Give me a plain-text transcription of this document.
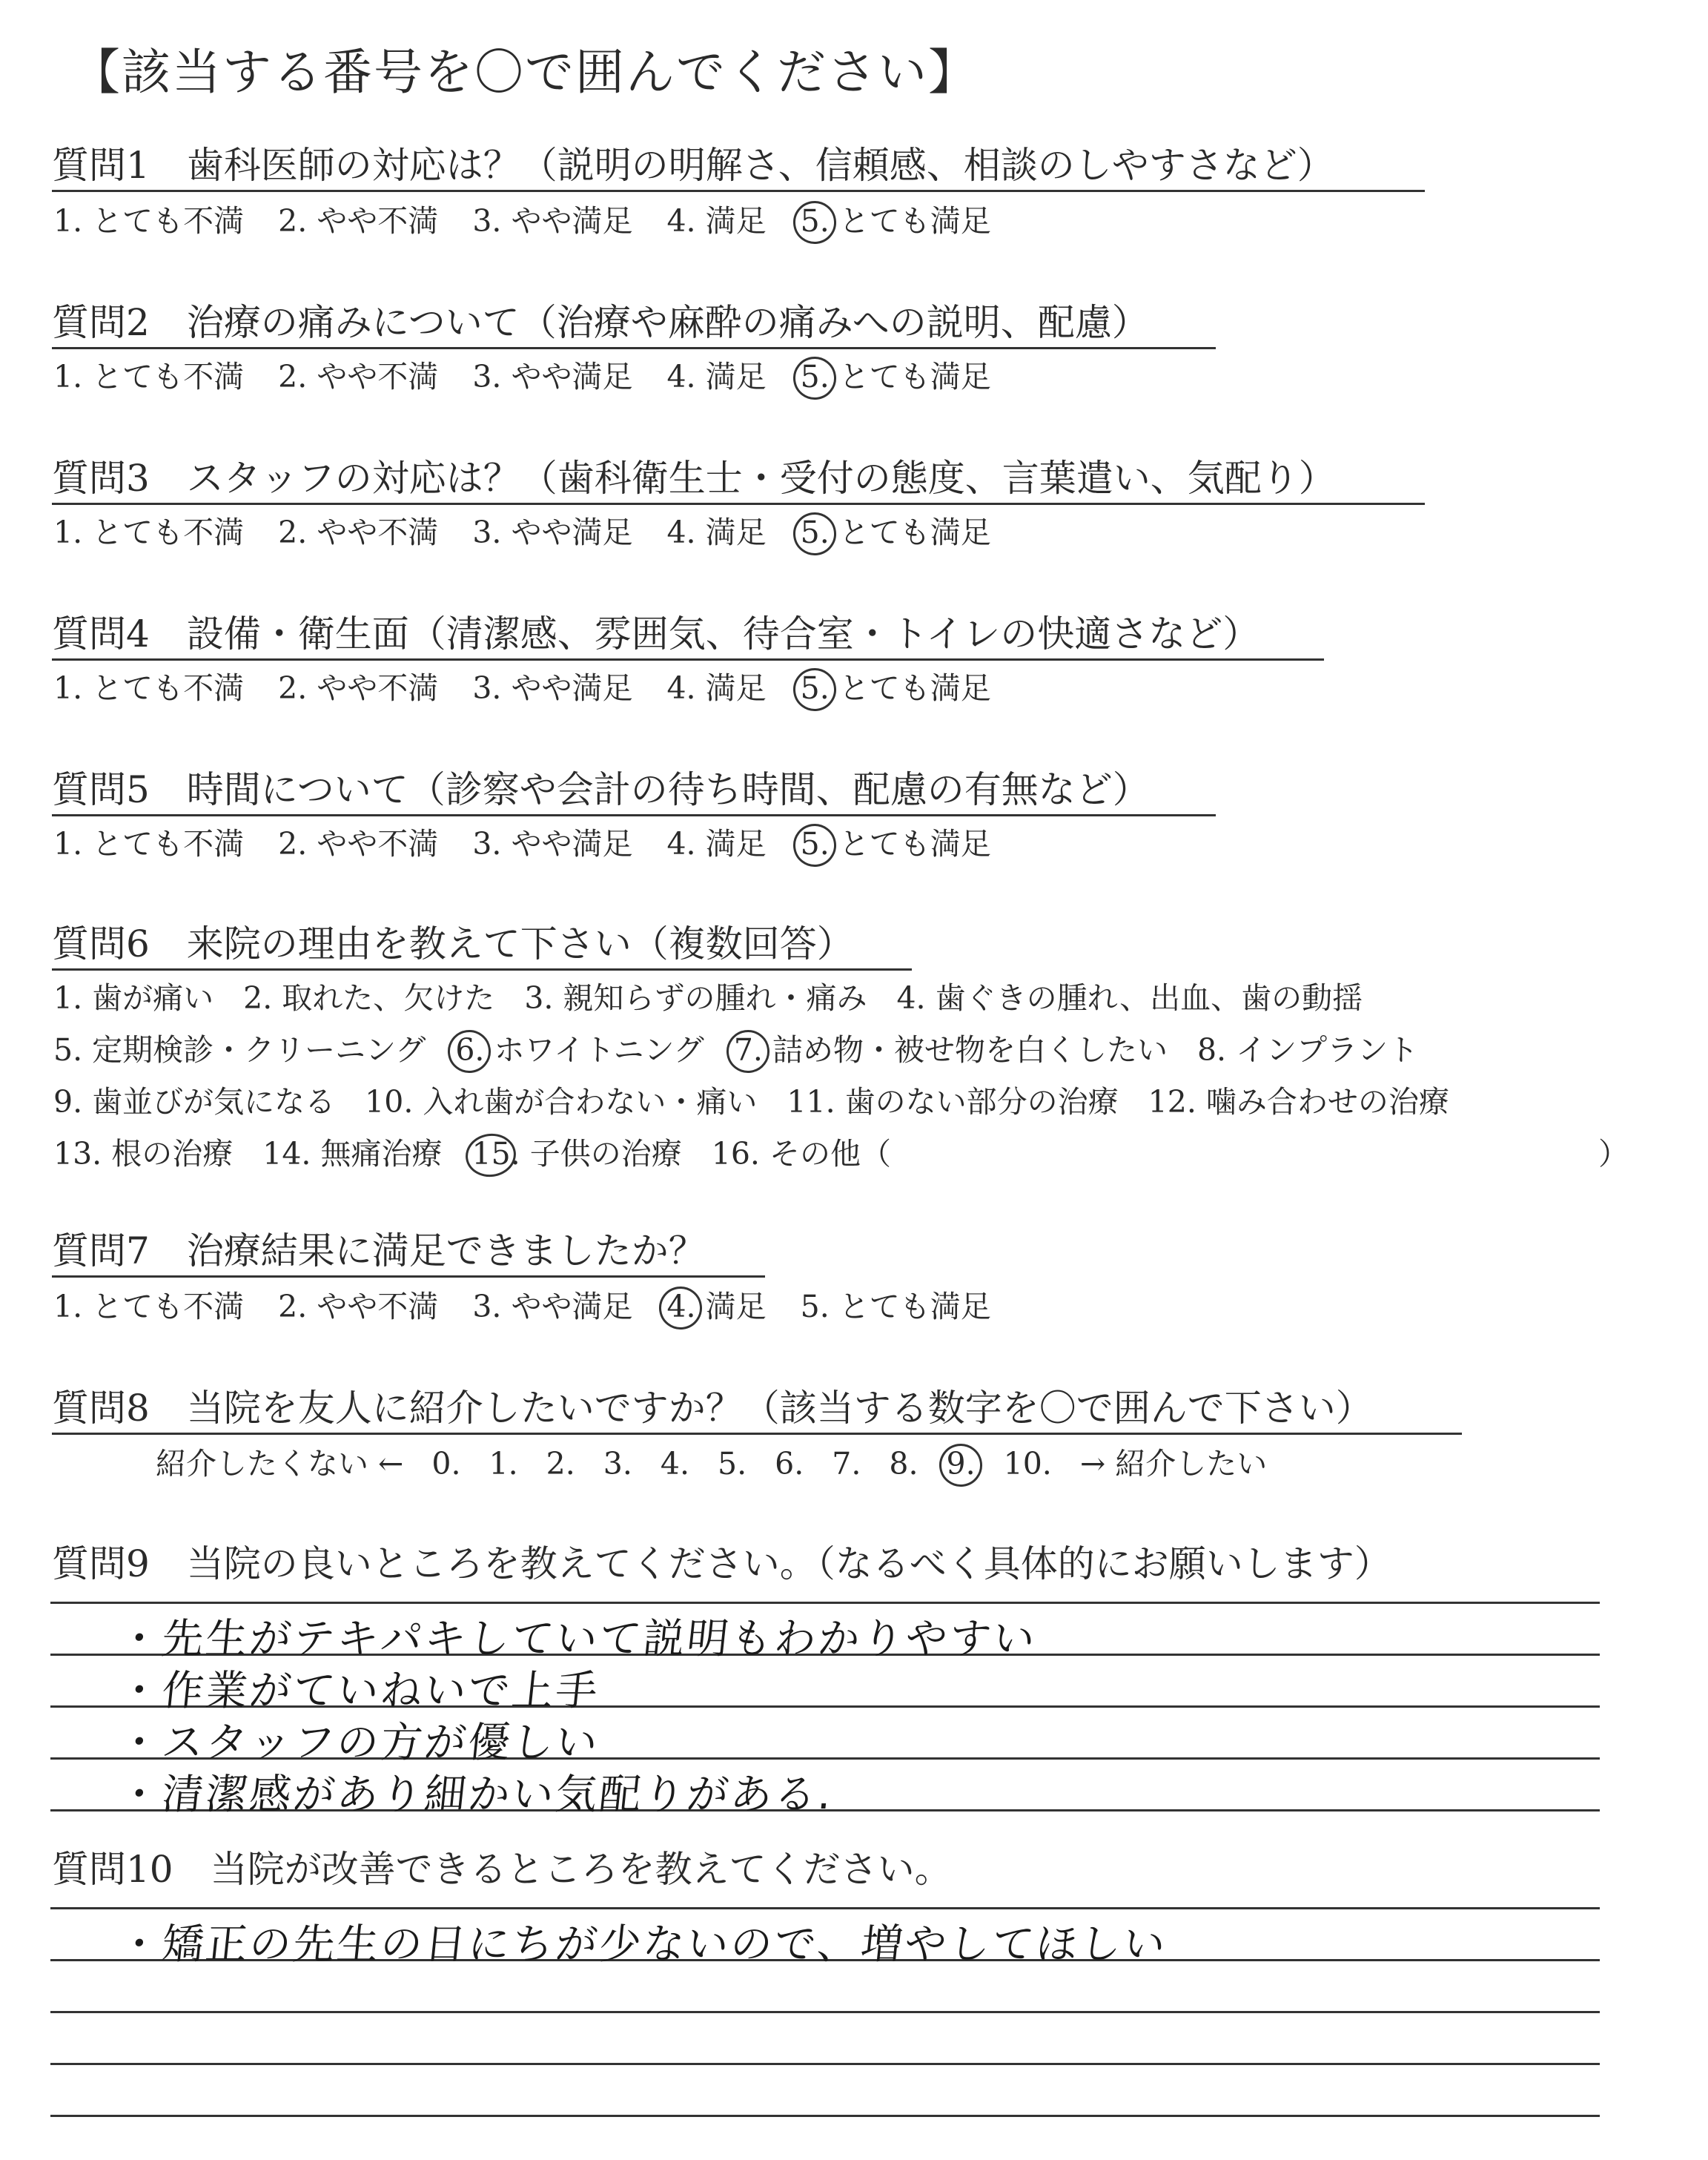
【該当する番号を〇で囲んでください】
質問1　歯科医師の対応は？（説明の明解さ、信頼感、相談のしやすさなど）
1. とても不満 2. やや不満 3. やや満足 4. 満足 5. とても満足
質問2　治療の痛みについて（治療や麻酔の痛みへの説明、配慮）
1. とても不満 2. やや不満 3. やや満足 4. 満足 5. とても満足
質問3　スタッフの対応は？（歯科衛生士・受付の態度、言葉遣い、気配り）
1. とても不満 2. やや不満 3. やや満足 4. 満足 5. とても満足
質問4　設備・衛生面（清潔感、雰囲気、待合室・トイレの快適さなど）
1. とても不満 2. やや不満 3. やや満足 4. 満足 5. とても満足
質問5　時間について（診察や会計の待ち時間、配慮の有無など）
1. とても不満 2. やや不満 3. やや満足 4. 満足 5. とても満足
質問6　来院の理由を教えて下さい（複数回答）
1. 歯が痛い 2. 取れた、欠けた 3. 親知らずの腫れ・痛み 4. 歯ぐきの腫れ、出血、歯の動揺
5. 定期検診・クリーニング 6. ホワイトニング 7. 詰め物・被せ物を白くしたい 8. インプラント
9. 歯並びが気になる 10. 入れ歯が合わない・痛い 11. 歯のない部分の治療 12. 噛み合わせの治療
13. 根の治療 14. 無痛治療 15. 子供の治療 16. その他（	）
質問7　治療結果に満足できましたか？
1. とても不満 2. やや不満 3. やや満足 4. 満足 5. とても満足
質問8　当院を友人に紹介したいですか？（該当する数字を〇で囲んで下さい）
紹介したくない ← 0. 1. 2. 3. 4. 5. 6. 7. 8. 9. 10. → 紹介したい
質問9　当院の良いところを教えてください。（なるべく具体的にお願いします）
・先生がテキパキしていて説明もわかりやすい
・作業がていねいで上手
・スタッフの方が優しい
・清潔感があり細かい気配りがある.
質問10　当院が改善できるところを教えてください。
・矯正の先生の日にちが少ないので、増やしてほしい
